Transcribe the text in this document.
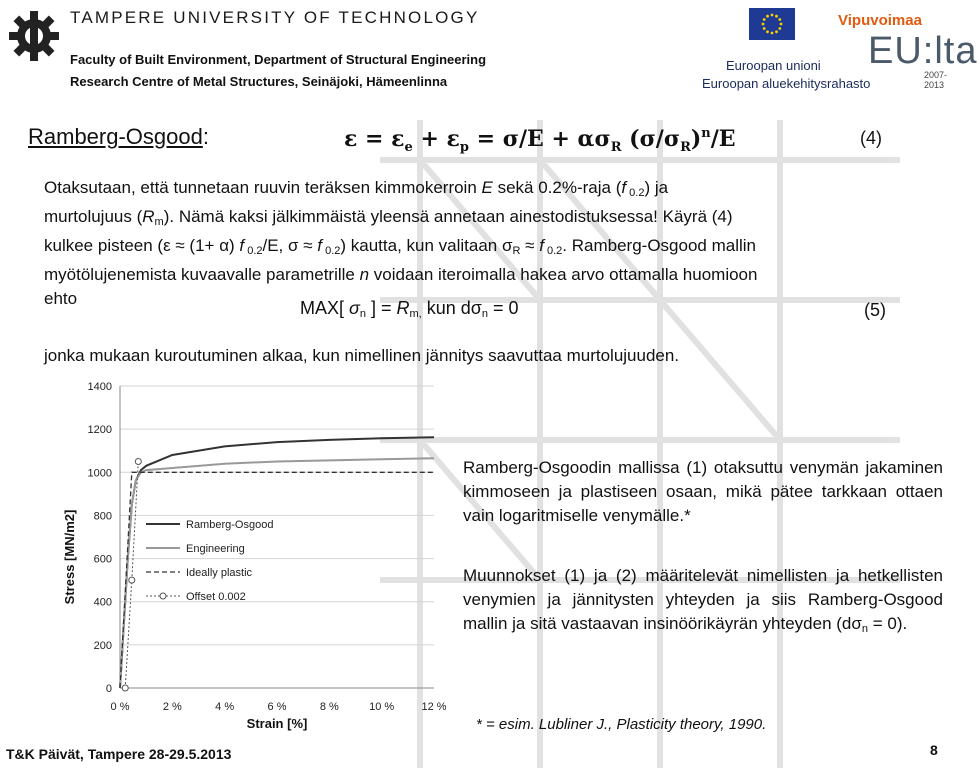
TAMPERE UNIVERSITY OF TECHNOLOGY
Faculty of Built Environment, Department of Structural Engineering
Research Centre of Metal Structures, Seinäjoki, Hämeenlinna
Euroopan unioni
Euroopan aluekehitysrahasto
Vipuvoimaa
EU:lta
2007-2013
Ramberg-Osgood:	$\varepsilon = \varepsilon_e + \varepsilon_p = \sigma/E + \alpha\sigma_R$ $(\sigma/\sigma_R)^n/E$	(4)

Otaksutaan, että tunnetaan ruuvin teräksen kimmokerroin E sekä 0.2%-raja (f $_{0.2}$) ja

murtolujuus $(R_m)$. Nämä kaksi jälkimmäistä yleensä annetaan ainestodistuksessa! Käyrä (4)

kulkee pisteen (ε ≈ (1+ α) f $_{0.2}$/E, σ ≈ f $_{0.2}$) kautta, kun valitaan $\sigma_R \approx f$ $_{0.2}$. Ramberg-Osgood mallin

myötölujenemista kuvaavalle parametrille n voidaan iteroimalla hakea arvo ottamalla huomioon

ehto	MAX[ $\sigma_n$ ] = $R_{m,}$ kun $d\sigma_n = 0$	(5)
jonka mukaan kuroutuminen alkaa, kun nimellinen jännitys saavuttaa murtolujuuden.
0
200
400
600
800
1000
1200
1400
0 %	2 %	4 %	6 %	8 %	10 % 12 %
Strain [%]
Stress [MN/m2]	Ramberg-Osgood
Engineering
Ideally plastic
Offset 0.002
Ramberg-Osgoodin mallissa (1) otaksuttu venymän jakaminen kimmoseen ja plastiseen osaan, mikä pätee tarkkaan ottaen vain logaritmiselle venymälle.*
Muunnokset (1) ja (2) määritelevät nimellisten ja hetkellisten venymien ja jännitysten yhteyden ja siis Ramberg-Osgood mallin ja sitä vastaavan insinöörikäyrän yhteyden $(d\sigma_n = 0)$.
* = esim. Lubliner J., Plasticity theory, 1990.
T&K Päivät, Tampere 28-29.5.2013	8
